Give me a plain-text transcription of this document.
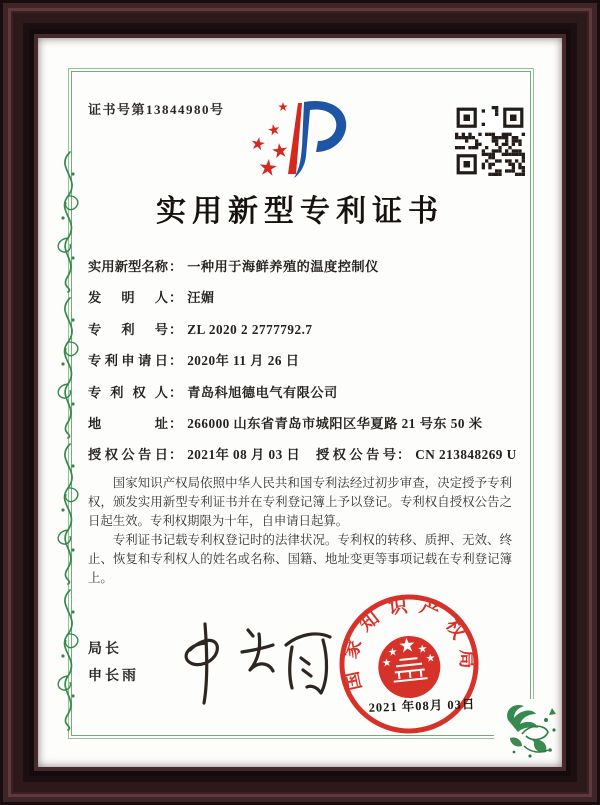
证书号第13844980号
实用新型专利证书
实用新型名称 ： 一种用于海鲜养殖的温度控制仪
发明人 ： 汪媚
专利号 ： ZL 2020 2 2777792.7
专利申请日 ： 2020年 11 月 26 日
专利权人 ： 青岛科旭德电气有限公司
地址 ： 266000 山东省青岛市城阳区华夏路 21 号东 50 米
授权公告日 ： 2021年 08 月 03 日 授权公告号 ： CN 213848269 U

国家知识产权局依照中华人民共和国专利法经过初步审查，决定授予专利权，颁发实用新型专利证书并在专利登记簿上予以登记。专利权自授权公告之日起生效。专利权期限为十年，自申请日起算。

专利证书记载专利权登记时的法律状况。专利权的转移、质押、无效、终止、恢复和专利权人的姓名或名称、国籍、地址变更等事项记载在专利登记簿上。

局长
申长雨	国家知识产权局
2021 年08月 03日
